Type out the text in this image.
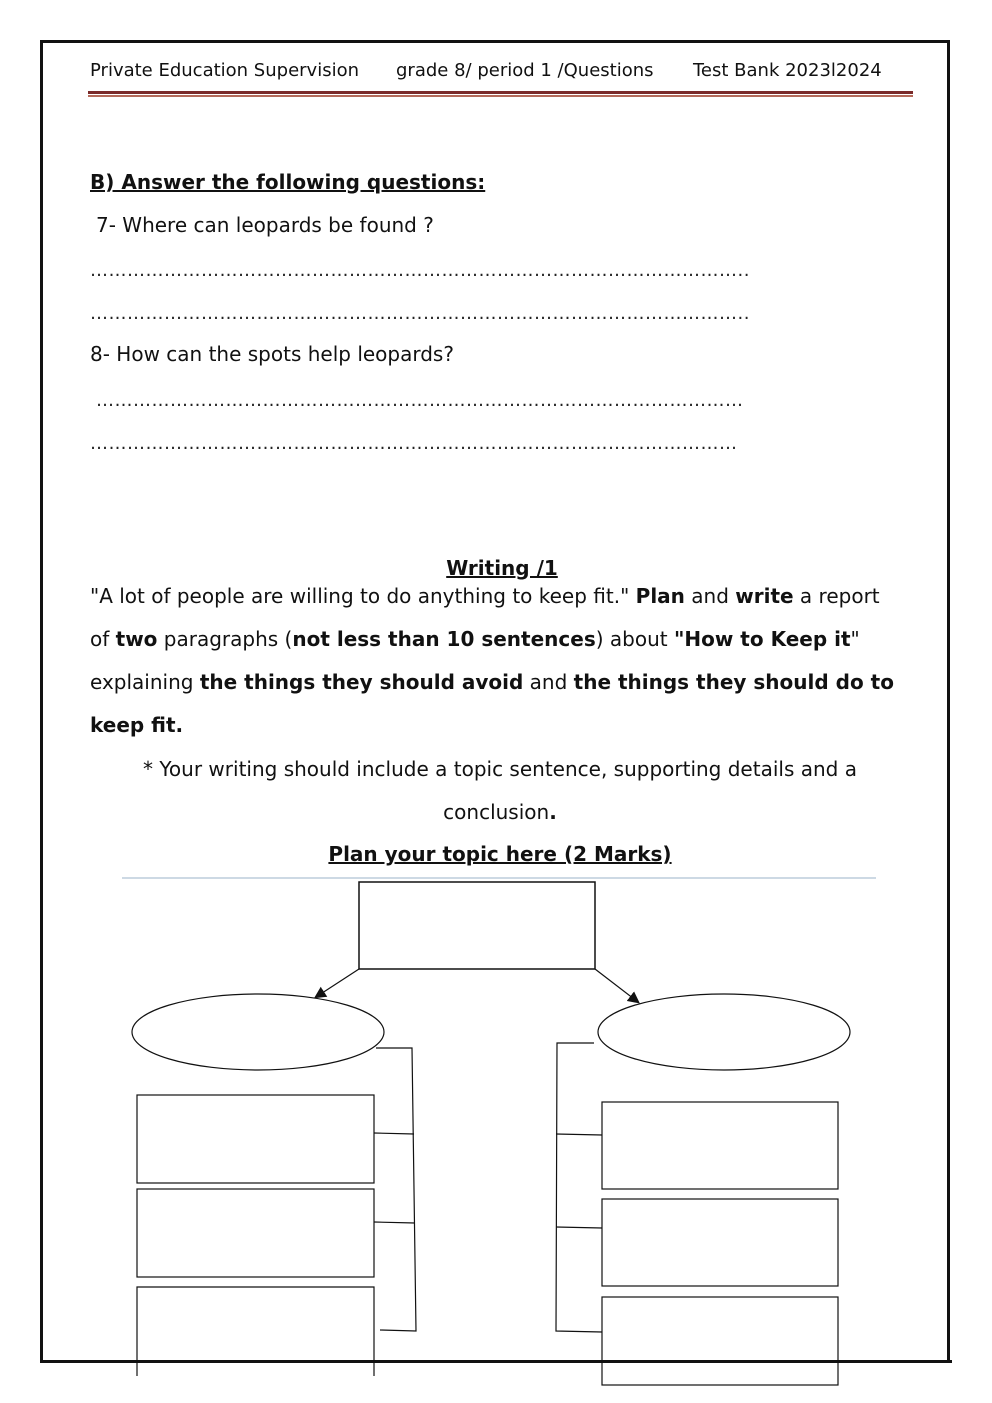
Private Education Supervision grade 8/ period 1 /Questions Test Bank 2023l2024
B) Answer the following questions:
7- Where can leopards be found ?
……………………………………………………………………………………………..
……………………………………………………………………………………………..
8- How can the spots help leopards?
……………………………………………………………………………………………
……………………………………………………………………………………………
Writing /1
"A lot of people are willing to do anything to keep fit." Plan and write a report of two paragraphs (not less than 10 sentences) about "How to Keep it" explaining the things they should avoid and the things they should do to keep fit.
* Your writing should include a topic sentence, supporting details and a conclusion.
Plan your topic here (2 Marks)
